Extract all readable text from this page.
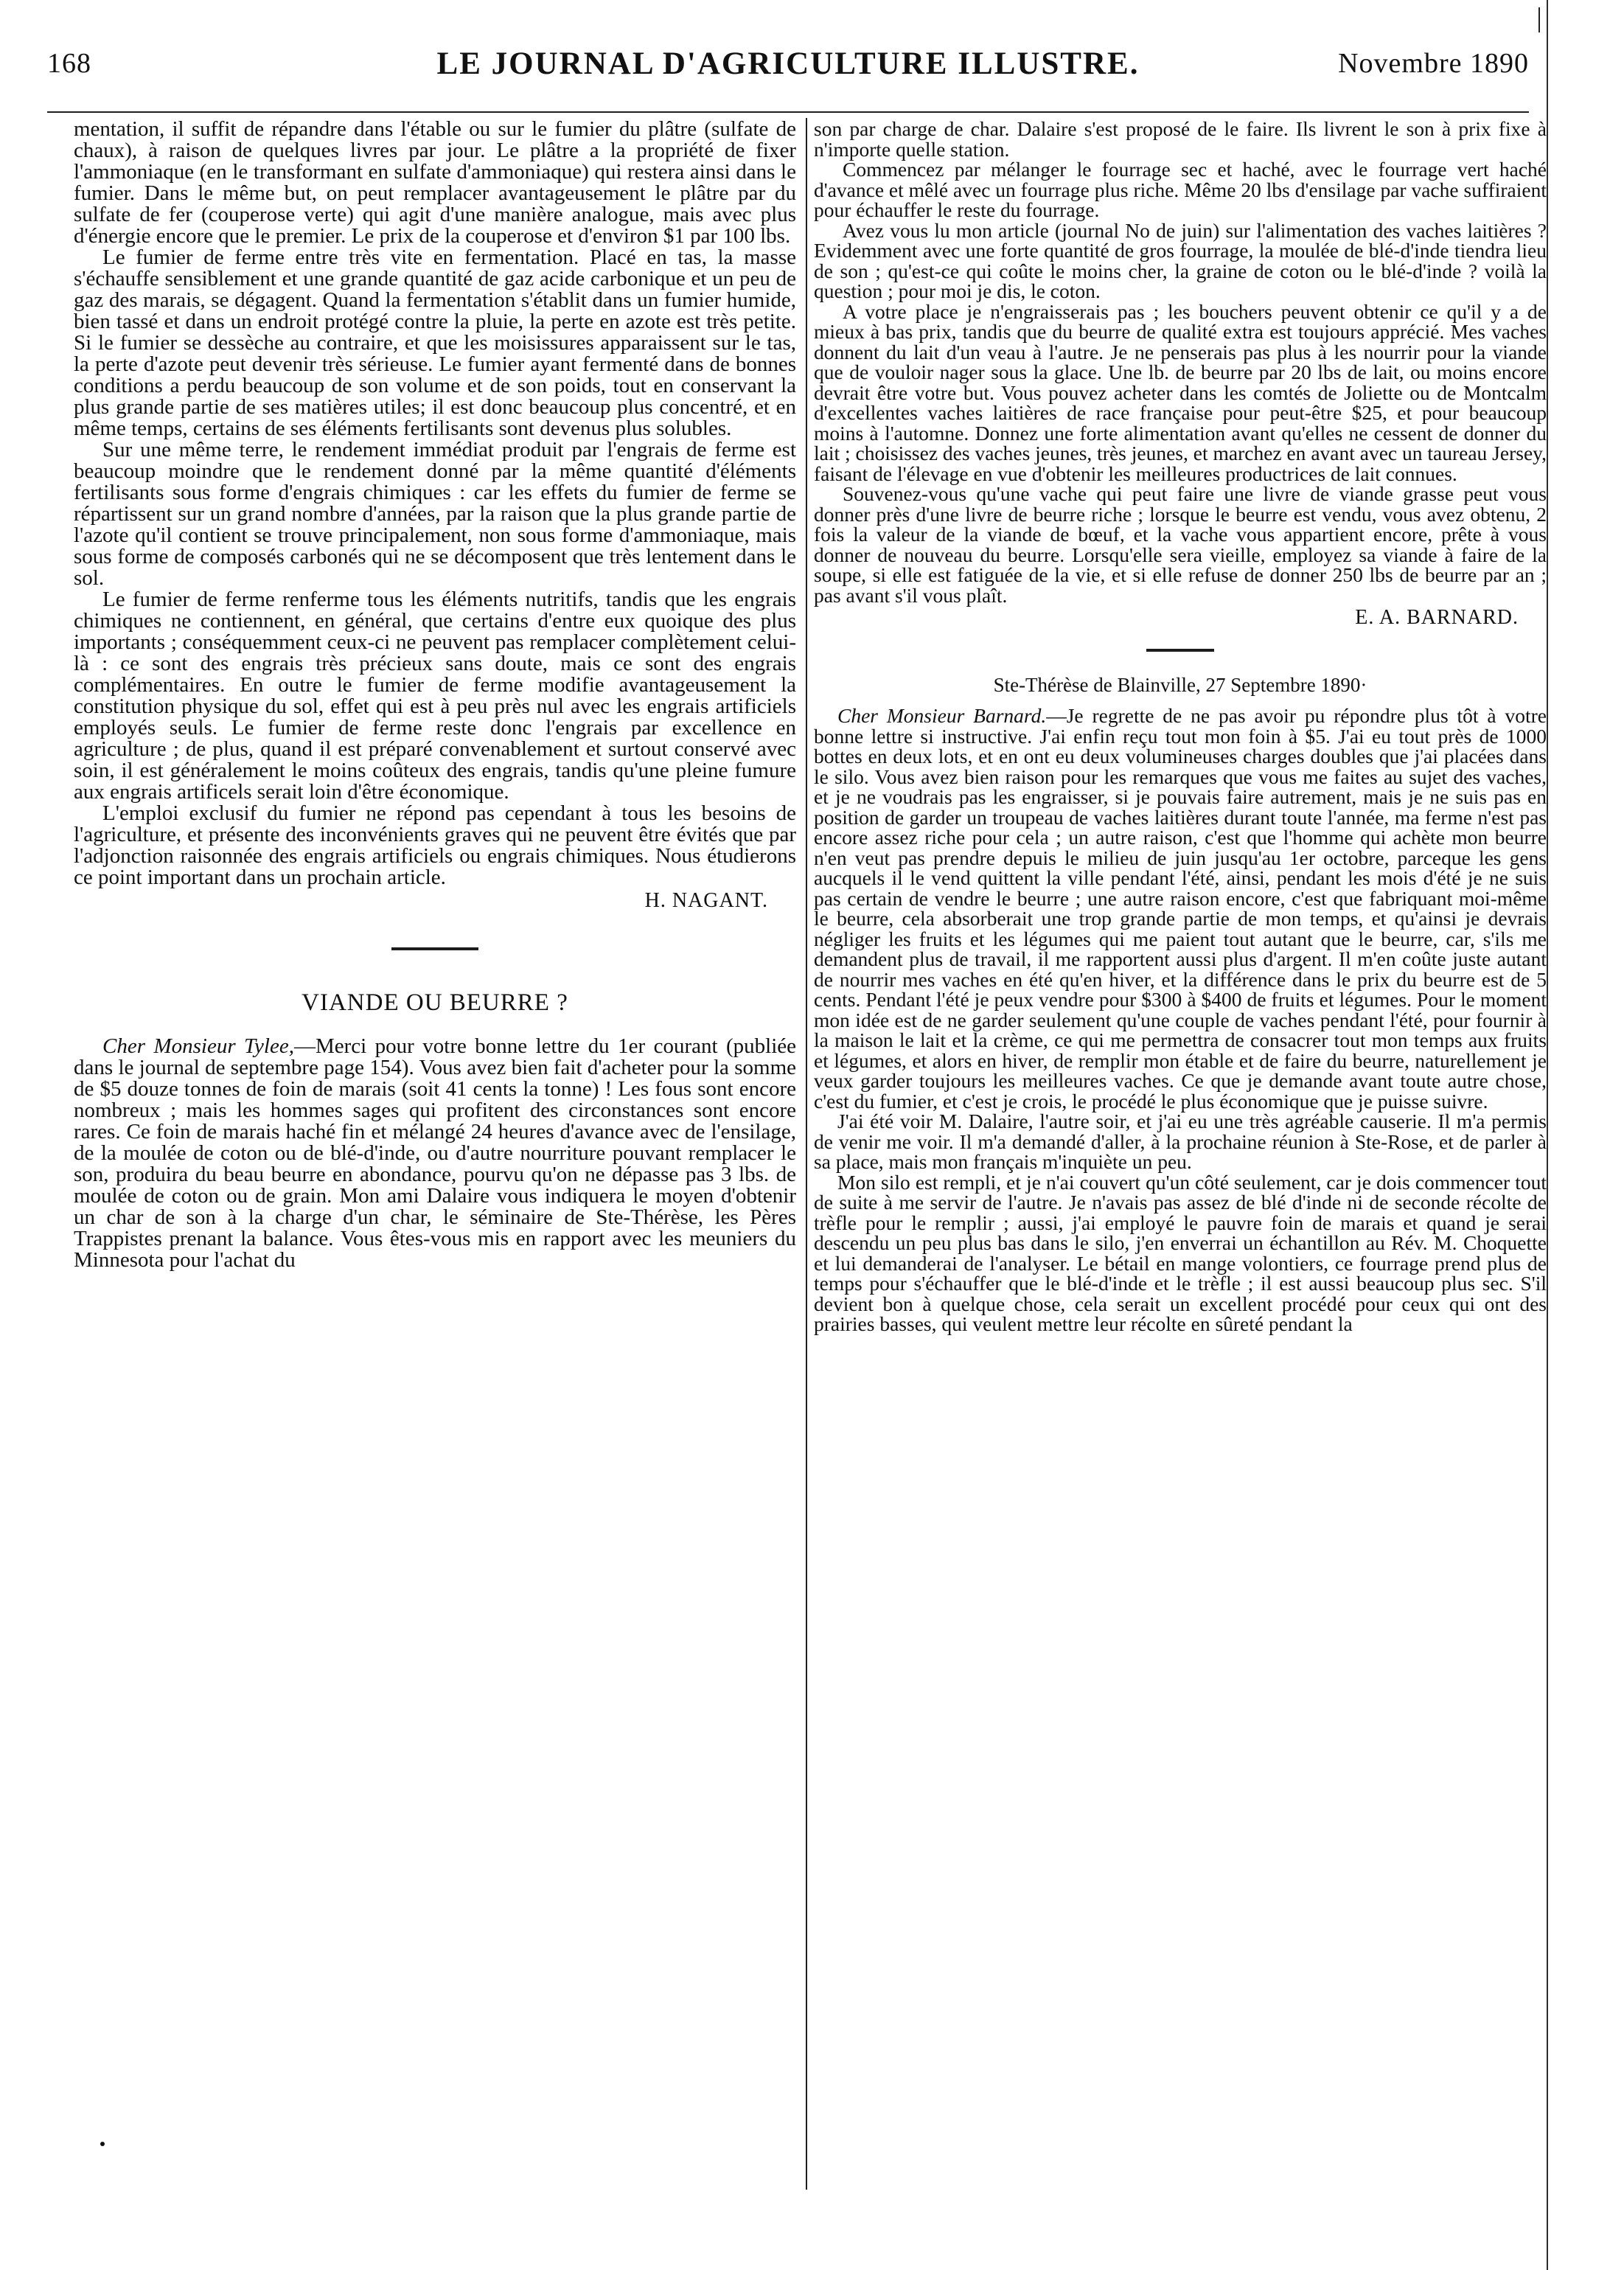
168	LE JOURNAL D'AGRICULTURE ILLUSTRE.	Novembre 1890

mentation, il suffit de répandre dans l'étable ou sur le fumier du plâtre (sulfate de chaux), à raison de quelques livres par jour. Le plâtre a la propriété de fixer l'ammoniaque (en le transformant en sulfate d'ammoniaque) qui restera ainsi dans le fumier. Dans le même but, on peut remplacer avantageusement le plâtre par du sulfate de fer (couperose verte) qui agit d'une manière analogue, mais avec plus d'énergie encore que le premier. Le prix de la couperose et d'environ $1 par 100 lbs.

Le fumier de ferme entre très vite en fermentation. Placé en tas, la masse s'échauffe sensiblement et une grande quantité de gaz acide carbonique et un peu de gaz des marais, se dégagent. Quand la fermentation s'établit dans un fumier humide, bien tassé et dans un endroit protégé contre la pluie, la perte en azote est très petite. Si le fumier se dessèche au contraire, et que les moisissures apparaissent sur le tas, la perte d'azote peut devenir très sérieuse. Le fumier ayant fermenté dans de bonnes conditions a perdu beaucoup de son volume et de son poids, tout en conservant la plus grande partie de ses matières utiles; il est donc beaucoup plus concentré, et en même temps, certains de ses éléments fertilisants sont devenus plus solubles.

Sur une même terre, le rendement immédiat produit par l'engrais de ferme est beaucoup moindre que le rendement donné par la même quantité d'éléments fertilisants sous forme d'engrais chimiques : car les effets du fumier de ferme se répartissent sur un grand nombre d'années, par la raison que la plus grande partie de l'azote qu'il contient se trouve principalement, non sous forme d'ammoniaque, mais sous forme de composés carbonés qui ne se décomposent que très lentement dans le sol.

Le fumier de ferme renferme tous les éléments nutritifs, tandis que les engrais chimiques ne contiennent, en général, que certains d'entre eux quoique des plus importants ; conséquemment ceux-ci ne peuvent pas remplacer complètement celui-là : ce sont des engrais très précieux sans doute, mais ce sont des engrais complémentaires. En outre le fumier de ferme modifie avantageusement la constitution physique du sol, effet qui est à peu près nul avec les engrais artificiels employés seuls. Le fumier de ferme reste donc l'engrais par excellence en agriculture ; de plus, quand il est préparé convenablement et surtout conservé avec soin, il est généralement le moins coûteux des engrais, tandis qu'une pleine fumure aux engrais artificels serait loin d'être économique.

L'emploi exclusif du fumier ne répond pas cependant à tous les besoins de l'agriculture, et présente des inconvénients graves qui ne peuvent être évités que par l'adjonction raisonnée des engrais artificiels ou engrais chimiques. Nous étudierons ce point important dans un prochain article.

H. NAGANT.

VIANDE OU BEURRE ?

Cher Monsieur Tylee,—Merci pour votre bonne lettre du 1er courant (publiée dans le journal de septembre page 154). Vous avez bien fait d'acheter pour la somme de $5 douze tonnes de foin de marais (soit 41 cents la tonne) ! Les fous sont encore nombreux ; mais les hommes sages qui profitent des circonstances sont encore rares. Ce foin de marais haché fin et mélangé 24 heures d'avance avec de l'ensilage, de la moulée de coton ou de blé-d'inde, ou d'autre nourriture pouvant remplacer le son, produira du beau beurre en abondance, pourvu qu'on ne dépasse pas 3 lbs. de moulée de coton ou de grain. Mon ami Dalaire vous indiquera le moyen d'obtenir un char de son à la charge d'un char, le séminaire de Ste-Thérèse, les Pères Trappistes prenant la balance. Vous êtes-vous mis en rapport avec les meuniers du Minnesota pour l'achat du

son par charge de char. Dalaire s'est proposé de le faire. Ils livrent le son à prix fixe à n'importe quelle station.

Commencez par mélanger le fourrage sec et haché, avec le fourrage vert haché d'avance et mêlé avec un fourrage plus riche. Même 20 lbs d'ensilage par vache suffiraient pour échauffer le reste du fourrage.

Avez vous lu mon article (journal No de juin) sur l'alimentation des vaches laitières ? Evidemment avec une forte quantité de gros fourrage, la moulée de blé-d'inde tiendra lieu de son ; qu'est-ce qui coûte le moins cher, la graine de coton ou le blé-d'inde ? voilà la question ; pour moi je dis, le coton.

A votre place je n'engraisserais pas ; les bouchers peuvent obtenir ce qu'il y a de mieux à bas prix, tandis que du beurre de qualité extra est toujours apprécié. Mes vaches donnent du lait d'un veau à l'autre. Je ne penserais pas plus à les nourrir pour la viande que de vouloir nager sous la glace. Une lb. de beurre par 20 lbs de lait, ou moins encore devrait être votre but. Vous pouvez acheter dans les comtés de Joliette ou de Montcalm d'excellentes vaches laitières de race française pour peut-être $25, et pour beaucoup moins à l'automne. Donnez une forte alimentation avant qu'elles ne cessent de donner du lait ; choisissez des vaches jeunes, très jeunes, et marchez en avant avec un taureau Jersey, faisant de l'élevage en vue d'obtenir les meilleures productrices de lait connues.

Souvenez-vous qu'une vache qui peut faire une livre de viande grasse peut vous donner près d'une livre de beurre riche ; lorsque le beurre est vendu, vous avez obtenu, 2 fois la valeur de la viande de bœuf, et la vache vous appartient encore, prête à vous donner de nouveau du beurre. Lorsqu'elle sera vieille, employez sa viande à faire de la soupe, si elle est fatiguée de la vie, et si elle refuse de donner 250 lbs de beurre par an ; pas avant s'il vous plaît.

E. A. BARNARD.

Ste-Thérèse de Blainville, 27 Septembre 1890·

Cher Monsieur Barnard.—Je regrette de ne pas avoir pu répondre plus tôt à votre bonne lettre si instructive. J'ai enfin reçu tout mon foin à $5. J'ai eu tout près de 1000 bottes en deux lots, et en ont eu deux volumineuses charges doubles que j'ai placées dans le silo. Vous avez bien raison pour les remarques que vous me faites au sujet des vaches, et je ne voudrais pas les engraisser, si je pouvais faire autrement, mais je ne suis pas en position de garder un troupeau de vaches laitières durant toute l'année, ma ferme n'est pas encore assez riche pour cela ; un autre raison, c'est que l'homme qui achète mon beurre n'en veut pas prendre depuis le milieu de juin jusqu'au 1er octobre, parceque les gens aucquels il le vend quittent la ville pendant l'été, ainsi, pendant les mois d'été je ne suis pas certain de vendre le beurre ; une autre raison encore, c'est que fabriquant moi-même le beurre, cela absorberait une trop grande partie de mon temps, et qu'ainsi je devrais négliger les fruits et les légumes qui me paient tout autant que le beurre, car, s'ils me demandent plus de travail, il me rapportent aussi plus d'argent. Il m'en coûte juste autant de nourrir mes vaches en été qu'en hiver, et la différence dans le prix du beurre est de 5 cents. Pendant l'été je peux vendre pour $300 à $400 de fruits et légumes. Pour le moment mon idée est de ne garder seulement qu'une couple de vaches pendant l'été, pour fournir à la maison le lait et la crème, ce qui me permettra de consacrer tout mon temps aux fruits et légumes, et alors en hiver, de remplir mon étable et de faire du beurre, naturellement je veux garder toujours les meilleures vaches. Ce que je demande avant toute autre chose, c'est du fumier, et c'est je crois, le procédé le plus économique que je puisse suivre.

J'ai été voir M. Dalaire, l'autre soir, et j'ai eu une très agréable causerie. Il m'a permis de venir me voir. Il m'a demandé d'aller, à la prochaine réunion à Ste-Rose, et de parler à sa place, mais mon français m'inquiète un peu.

Mon silo est rempli, et je n'ai couvert qu'un côté seulement, car je dois commencer tout de suite à me servir de l'autre. Je n'avais pas assez de blé d'inde ni de seconde récolte de trèfle pour le remplir ; aussi, j'ai employé le pauvre foin de marais et quand je serai descendu un peu plus bas dans le silo, j'en enverrai un échantillon au Rév. M. Choquette et lui demanderai de l'analyser. Le bétail en mange volontiers, ce fourrage prend plus de temps pour s'échauffer que le blé-d'inde et le trèfle ; il est aussi beaucoup plus sec. S'il devient bon à quelque chose, cela serait un excellent procédé pour ceux qui ont des prairies basses, qui veulent mettre leur récolte en sûreté pendant la
